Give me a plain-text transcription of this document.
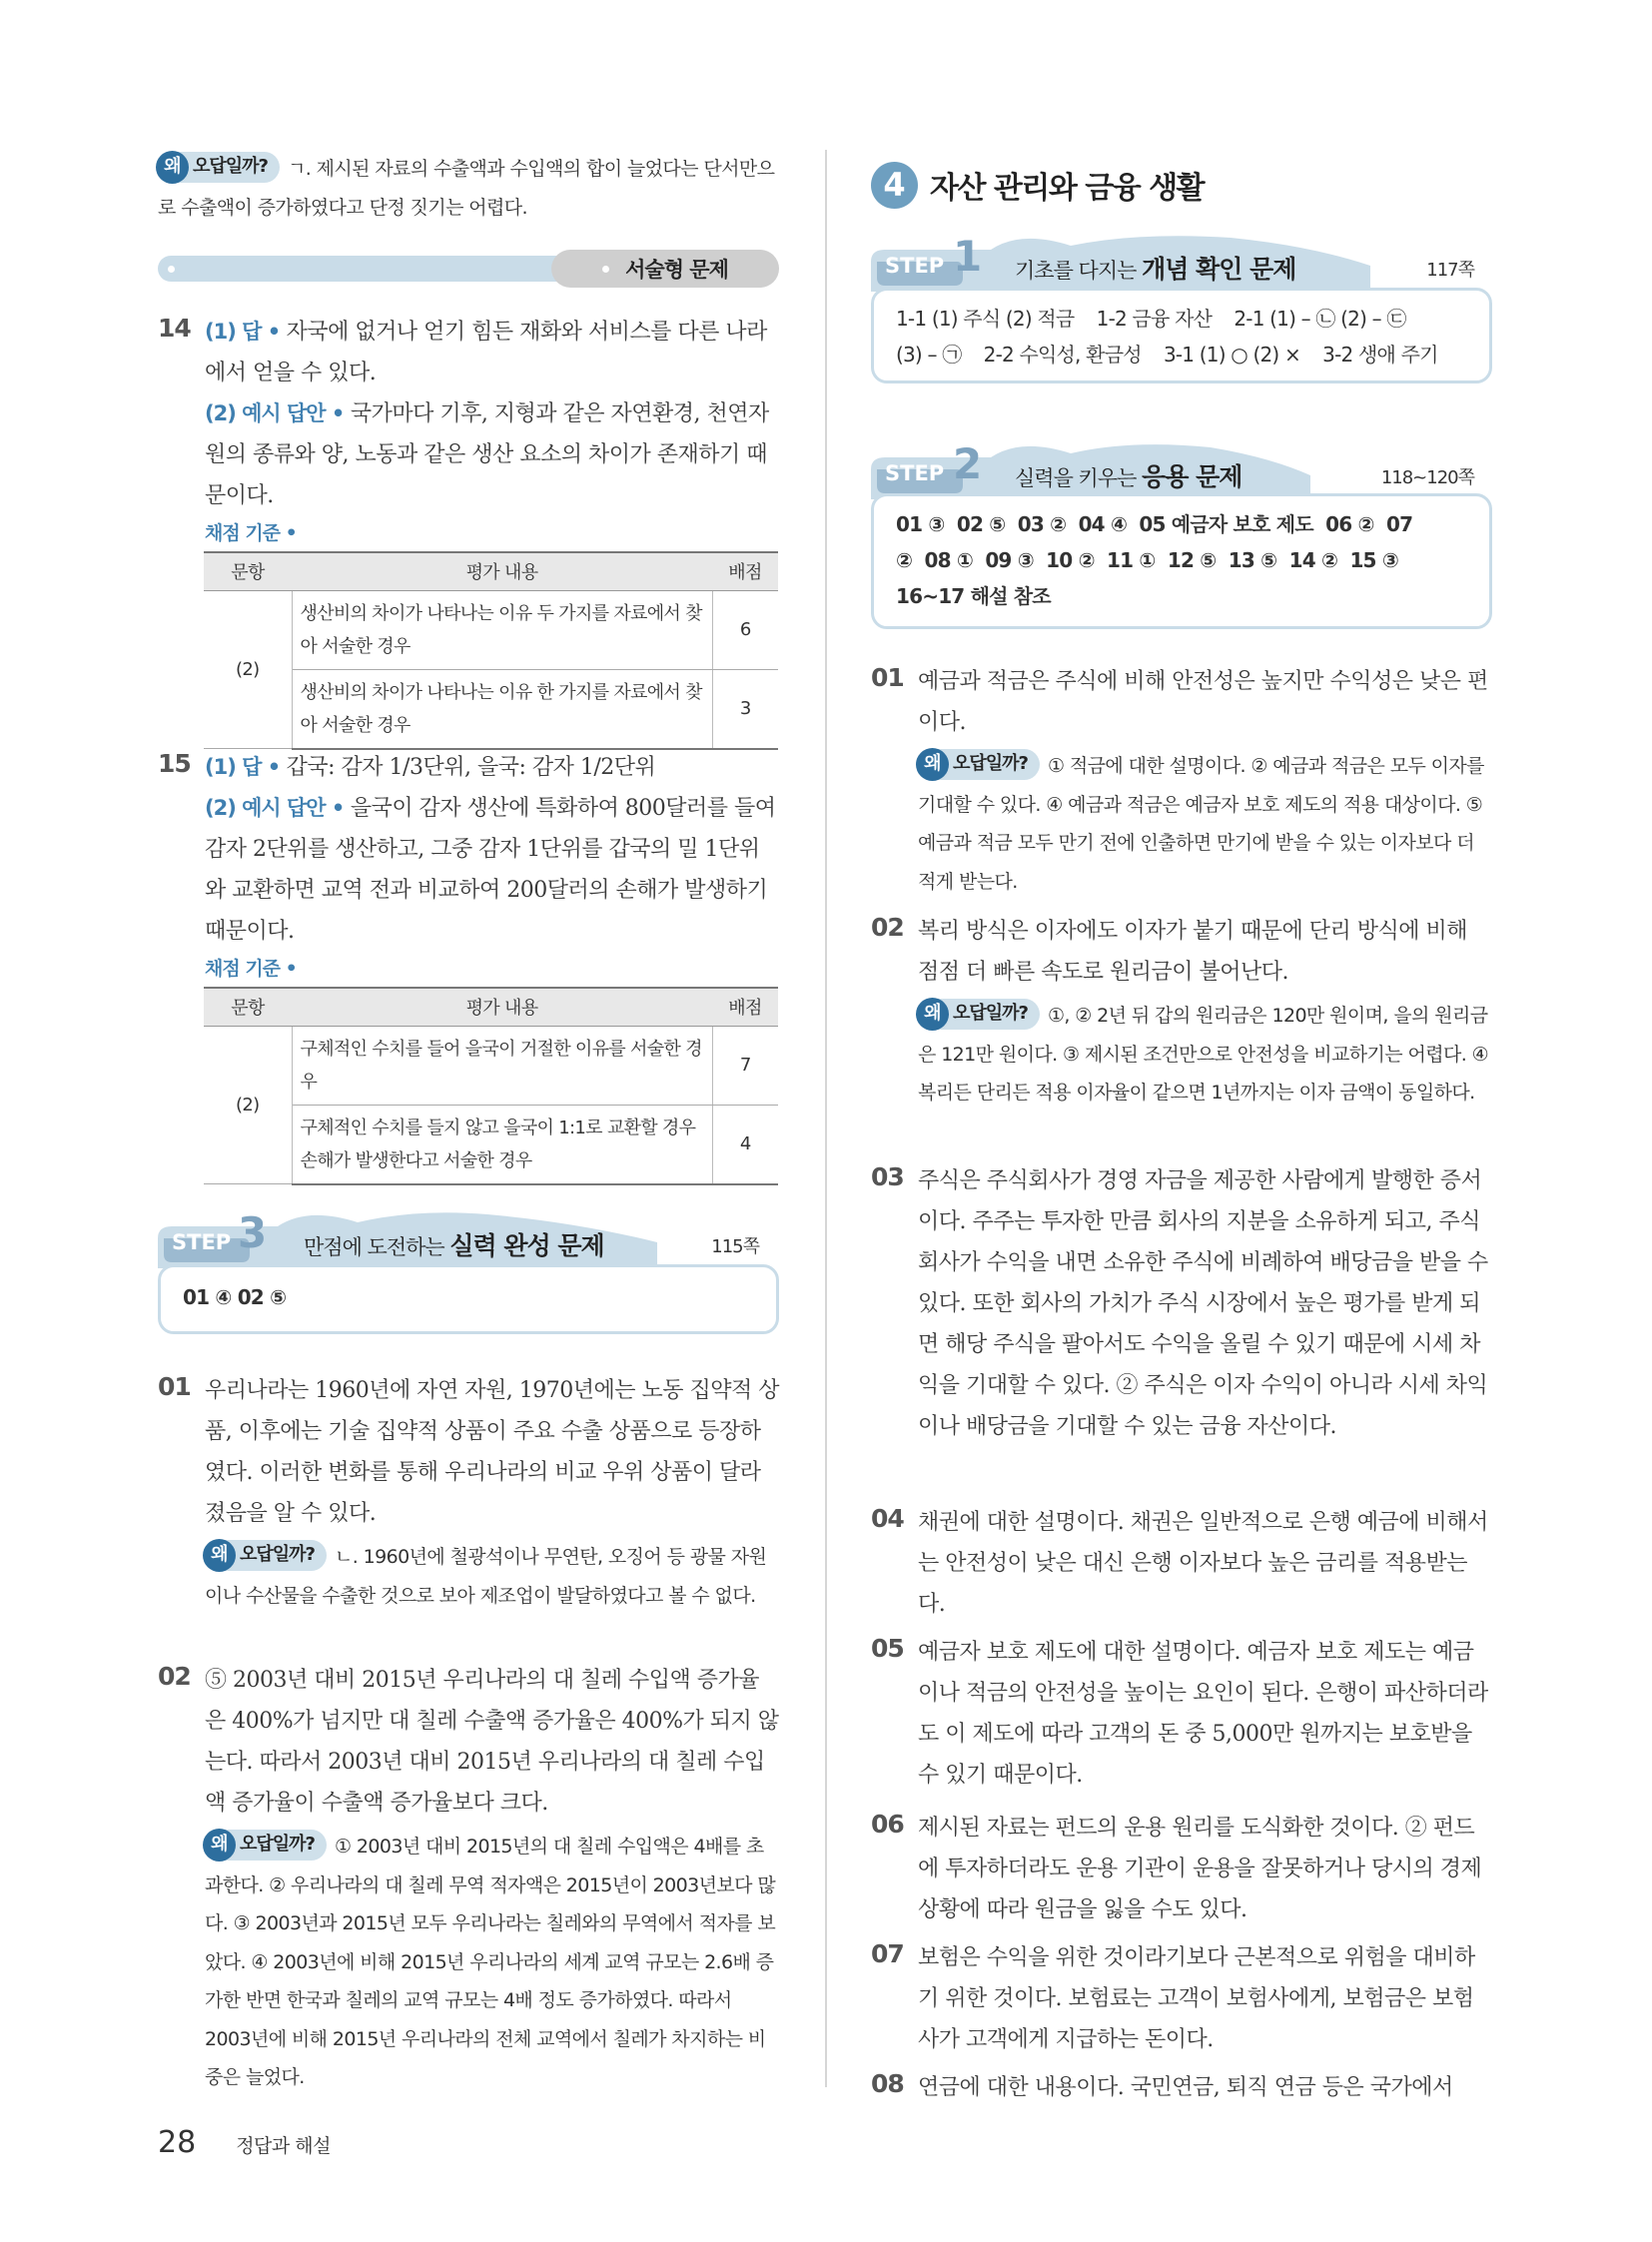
왜 오답일까? ㄱ. 제시된 자료의 수출액과 수입액의 합이 늘었다는 단서만으로 수출액이 증가하였다고 단정 짓기는 어렵다.
서술형 문제
14 (1) 답 • 자국에 없거나 얻기 힘든 재화와 서비스를 다른 나라에서 얻을 수 있다.
(2) 예시 답안 • 국가마다 기후, 지형과 같은 자연환경, 천연자원의 종류와 양, 노동과 같은 생산 요소의 차이가 존재하기 때문이다.
채점 기준 •
문항	평가 내용	배점
(2)	생산비의 차이가 나타나는 이유 두 가지를 자료에서 찾아 서술한 경우	6
	생산비의 차이가 나타나는 이유 한 가지를 자료에서 찾아 서술한 경우	3
15 (1) 답 • 갑국: 감자 1/3단위, 을국: 감자 1/2단위
(2) 예시 답안 • 을국이 감자 생산에 특화하여 800달러를 들여 감자 2단위를 생산하고, 그중 감자 1단위를 갑국의 밀 1단위와 교환하면 교역 전과 비교하여 200달러의 손해가 발생하기 때문이다.
채점 기준 •
문항	평가 내용	배점
(2)	구체적인 수치를 들어 을국이 거절한 이유를 서술한 경우	7
	구체적인 수치를 들지 않고 을국이 1:1로 교환할 경우 손해가 발생한다고 서술한 경우	4
STEP 3 만점에 도전하는 실력 완성 문제	115쪽
01 ④ 02 ⑤
01 우리나라는 1960년에 자연 자원, 1970년에는 노동 집약적 상품, 이후에는 기술 집약적 상품이 주요 수출 상품으로 등장하였다. 이러한 변화를 통해 우리나라의 비교 우위 상품이 달라졌음을 알 수 있다.
왜 오답일까? ㄴ. 1960년에 철광석이나 무연탄, 오징어 등 광물 자원이나 수산물을 수출한 것으로 보아 제조업이 발달하였다고 볼 수 없다.
02 ⑤ 2003년 대비 2015년 우리나라의 대 칠레 수입액 증가율은 400%가 넘지만 대 칠레 수출액 증가율은 400%가 되지 않는다. 따라서 2003년 대비 2015년 우리나라의 대 칠레 수입액 증가율이 수출액 증가율보다 크다.
왜 오답일까? ① 2003년 대비 2015년의 대 칠레 수입액은 4배를 초과한다. ② 우리나라의 대 칠레 무역 적자액은 2015년이 2003년보다 많다. ③ 2003년과 2015년 모두 우리나라는 칠레와의 무역에서 적자를 보았다. ④ 2003년에 비해 2015년 우리나라의 세계 교역 규모는 2.6배 증가한 반면 한국과 칠레의 교역 규모는 4배 정도 증가하였다. 따라서 2003년에 비해 2015년 우리나라의 전체 교역에서 칠레가 차지하는 비중은 늘었다.
4 자산 관리와 금융 생활
STEP 1 기초를 다지는 개념 확인 문제	117쪽
1-1 (1) 주식 (2) 적금    1-2 금융 자산    2-1 (1) – ㉡ (2) – ㉢
(3) – ㉠    2-2 수익성, 환금성    3-1 (1) ○ (2) ×    3-2 생애 주기
STEP 2 실력을 키우는 응용 문제	118~120쪽
01 ③  02 ⑤  03 ②  04 ④  05 예금자 보호 제도  06 ②  07
②  08 ①  09 ③  10 ②  11 ①  12 ⑤  13 ⑤  14 ②  15 ③
16~17 해설 참조
01 예금과 적금은 주식에 비해 안전성은 높지만 수익성은 낮은 편이다.
왜 오답일까? ① 적금에 대한 설명이다. ② 예금과 적금은 모두 이자를 기대할 수 있다. ④ 예금과 적금은 예금자 보호 제도의 적용 대상이다. ⑤ 예금과 적금 모두 만기 전에 인출하면 만기에 받을 수 있는 이자보다 더 적게 받는다.
02 복리 방식은 이자에도 이자가 붙기 때문에 단리 방식에 비해 점점 더 빠른 속도로 원리금이 불어난다.
왜 오답일까? ①, ② 2년 뒤 갑의 원리금은 120만 원이며, 을의 원리금은 121만 원이다. ③ 제시된 조건만으로 안전성을 비교하기는 어렵다. ④ 복리든 단리든 적용 이자율이 같으면 1년까지는 이자 금액이 동일하다.
03 주식은 주식회사가 경영 자금을 제공한 사람에게 발행한 증서이다. 주주는 투자한 만큼 회사의 지분을 소유하게 되고, 주식회사가 수익을 내면 소유한 주식에 비례하여 배당금을 받을 수 있다. 또한 회사의 가치가 주식 시장에서 높은 평가를 받게 되면 해당 주식을 팔아서도 수익을 올릴 수 있기 때문에 시세 차익을 기대할 수 있다. ② 주식은 이자 수익이 아니라 시세 차익이나 배당금을 기대할 수 있는 금융 자산이다.
04 채권에 대한 설명이다. 채권은 일반적으로 은행 예금에 비해서는 안전성이 낮은 대신 은행 이자보다 높은 금리를 적용받는다.
05 예금자 보호 제도에 대한 설명이다. 예금자 보호 제도는 예금이나 적금의 안전성을 높이는 요인이 된다. 은행이 파산하더라도 이 제도에 따라 고객의 돈 중 5,000만 원까지는 보호받을 수 있기 때문이다.
06 제시된 자료는 펀드의 운용 원리를 도식화한 것이다. ② 펀드에 투자하더라도 운용 기관이 운용을 잘못하거나 당시의 경제 상황에 따라 원금을 잃을 수도 있다.
07 보험은 수익을 위한 것이라기보다 근본적으로 위험을 대비하기 위한 것이다. 보험료는 고객이 보험사에게, 보험금은 보험사가 고객에게 지급하는 돈이다.
08 연금에 대한 내용이다. 국민연금, 퇴직 연금 등은 국가에서
28 정답과 해설
